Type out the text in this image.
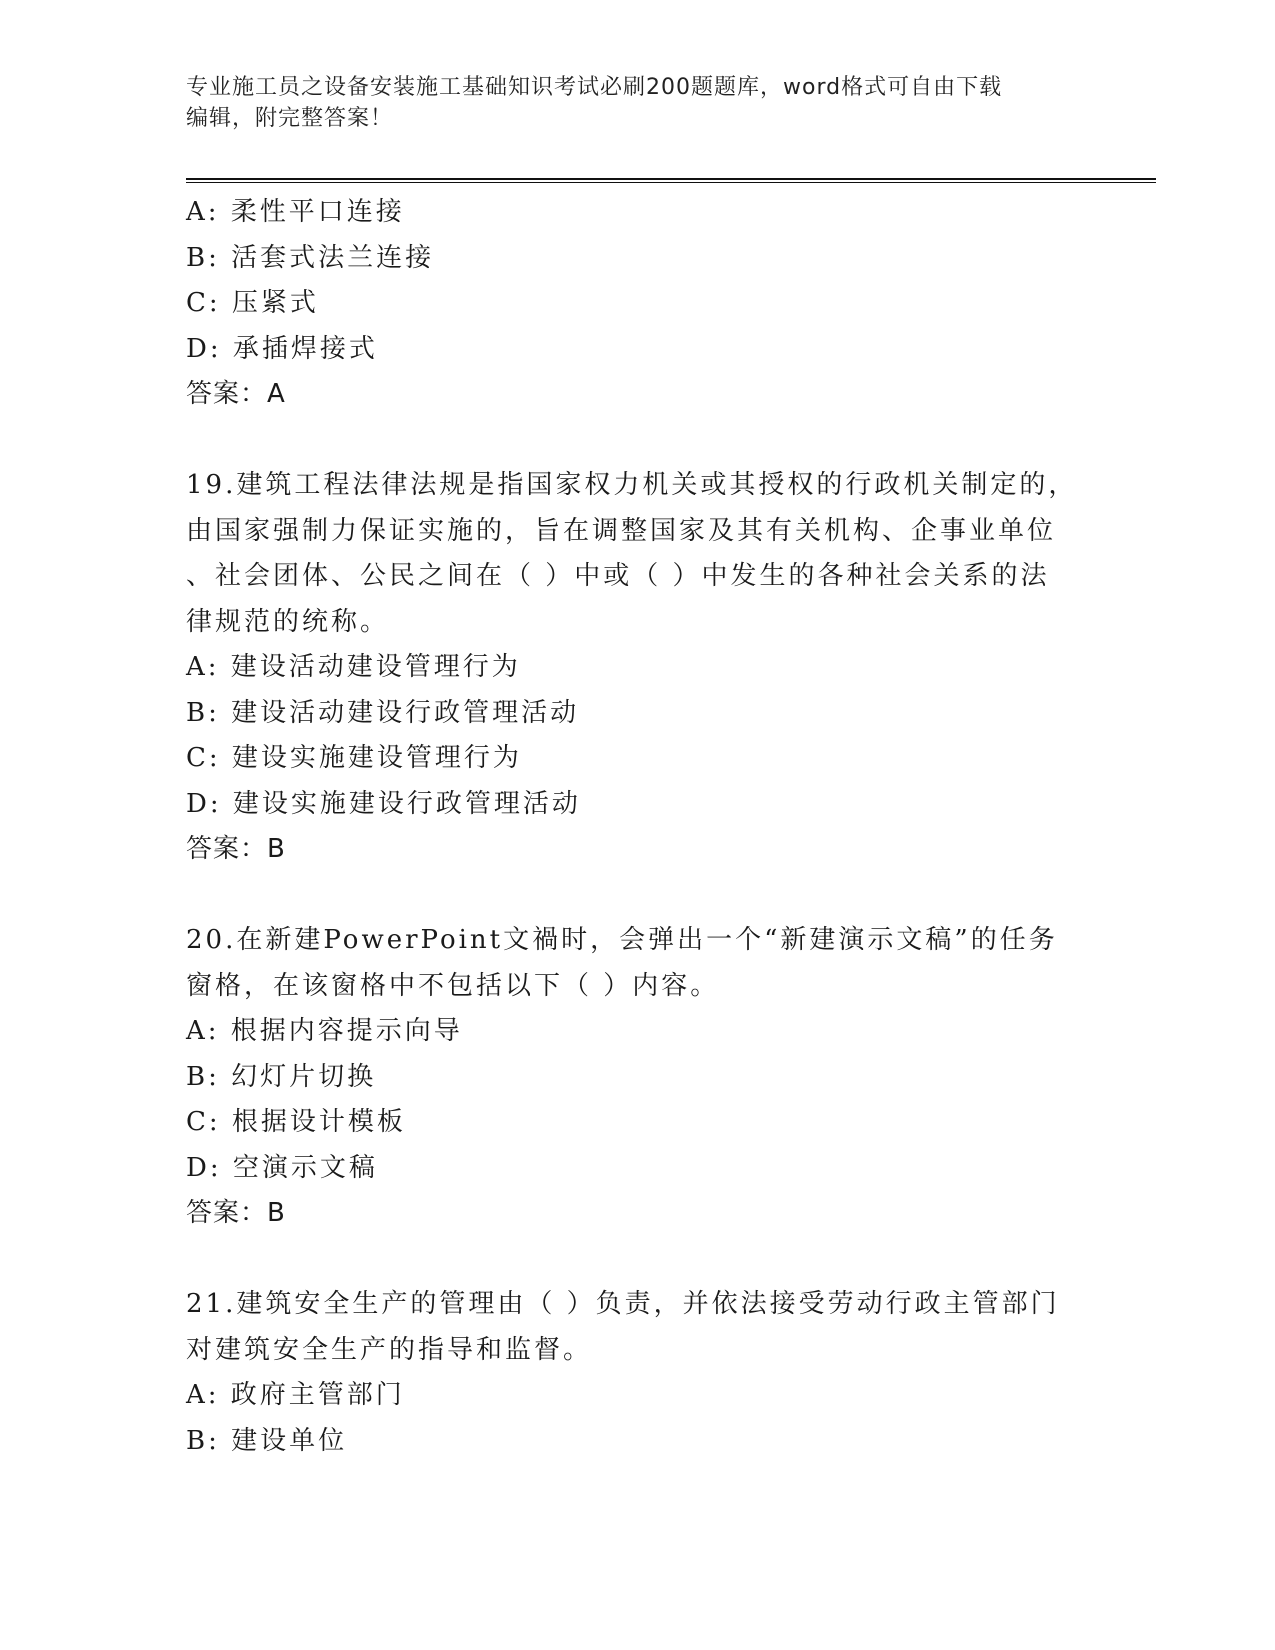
专业施工员之设备安装施工基础知识考试必刷200题题库，word格式可自由下载
编辑，附完整答案！
A: 柔性平口连接
B: 活套式法兰连接
C: 压紧式
D: 承插焊接式
答案：A
19.建筑工程法律法规是指国家权力机关或其授权的行政机关制定的，
由国家强制力保证实施的，旨在调整国家及其有关机构、企事业单位
、社会团体、公民之间在（ ）中或（ ）中发生的各种社会关系的法
律规范的统称。
A: 建设活动建设管理行为
B: 建设活动建设行政管理活动
C: 建设实施建设管理行为
D: 建设实施建设行政管理活动
答案：B
20.在新建PowerPoint文禍时，会弹出一个“新建演示文稿”的任务
窗格，在该窗格中不包括以下（ ）内容。
A: 根据内容提示向导
B: 幻灯片切换
C: 根据设计模板
D: 空演示文稿
答案：B
21.建筑安全生产的管理由（ ）负责，并依法接受劳动行政主管部门
对建筑安全生产的指导和监督。
A: 政府主管部门
B: 建设单位
